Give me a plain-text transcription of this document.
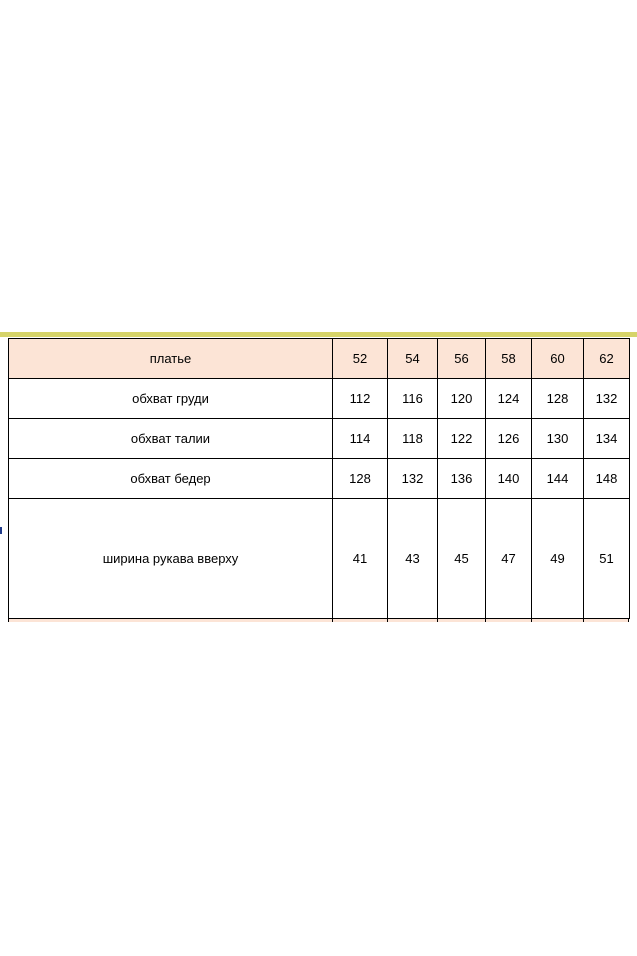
платье	52	54	56	58	60	62
обхват груди	112	116	120	124	128	132
обхват талии	114	118	122	126	130	134
обхват бедер	128	132	136	140	144	148
ширина рукава вверху	41	43	45	47	49	51
